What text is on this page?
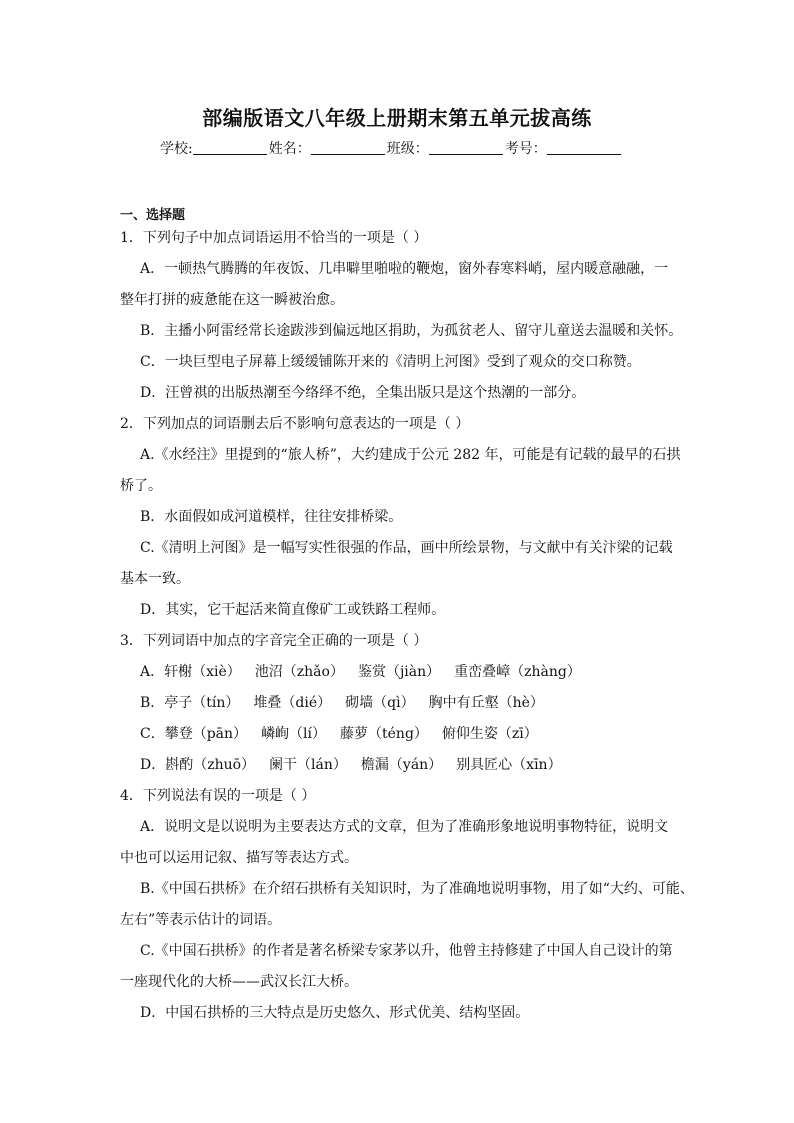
部编版语文八年级上册期末第五单元拔高练
学校:	姓名：	班级：	考号：
一、选择题
1．下列句子中加点词语运用不恰当的一项是（ ）
A．一顿热气腾腾的年夜饭、几串噼里啪啦的鞭炮，窗外春寒料峭，屋内暖意融融，一
整年打拼的疲惫能在这一瞬被治愈。
B．主播小阿雷经常长途跋涉到偏远地区捐助，为孤贫老人、留守儿童送去温暖和关怀。
C．一块巨型电子屏幕上缓缓铺陈开来的《清明上河图》受到了观众的交口称赞。
D．汪曾祺的出版热潮至今络绎不绝，全集出版只是这个热潮的一部分。
2．下列加点的词语删去后不影响句意表达的一项是（ ）
A.《水经注》里提到的“旅人桥”，大约建成于公元 282 年，可能是有记载的最早的石拱
桥了。
B．水面假如成河道模样，往往安排桥梁。
C.《清明上河图》是一幅写实性很强的作品，画中所绘景物，与文献中有关汴梁的记载
基本一致。
D．其实，它干起活来简直像矿工或铁路工程师。
3．下列词语中加点的字音完全正确的一项是（ ）
A．轩榭（xiè） 池沼（zhǎo） 鉴赏（jiàn） 重峦叠嶂（zhàng）
B．亭子（tín） 堆叠（dié） 砌墙（qì） 胸中有丘壑（hè）
C．攀登（pān） 嶙峋（lí） 藤萝（téng） 俯仰生姿（zī）
D．斟酌（zhuō） 阑干（lán） 檐漏（yán） 别具匠心（xīn）
4．下列说法有误的一项是（ ）
A．说明文是以说明为主要表达方式的文章，但为了准确形象地说明事物特征，说明文
中也可以运用记叙、描写等表达方式。
B.《中国石拱桥》在介绍石拱桥有关知识时，为了准确地说明事物，用了如“大约、可能、
左右”等表示估计的词语。
C.《中国石拱桥》的作者是著名桥梁专家茅以升，他曾主持修建了中国人自己设计的第
一座现代化的大桥——武汉长江大桥。
D．中国石拱桥的三大特点是历史悠久、形式优美、结构坚固。
